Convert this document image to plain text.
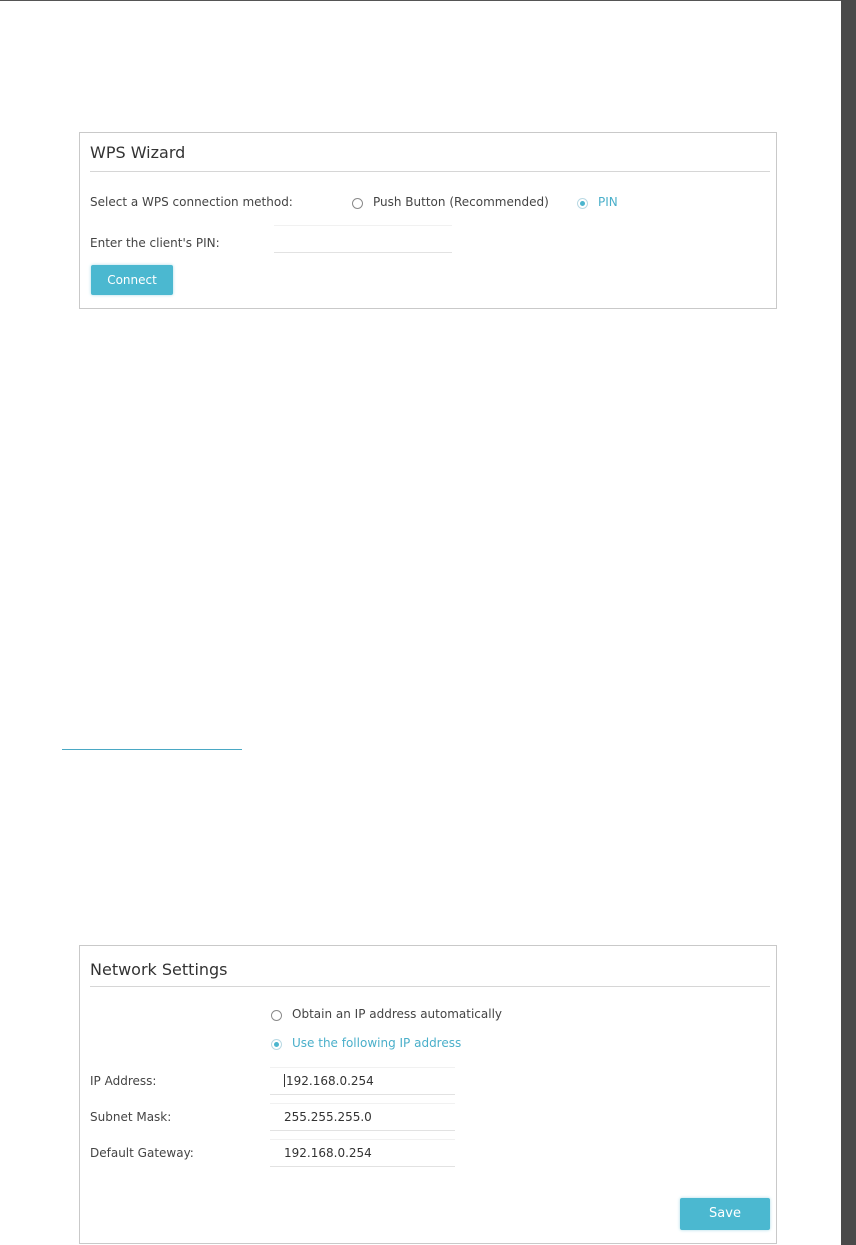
WPS Wizard
Select a WPS connection method:	Push Button (Recommended)	PIN
Enter the client's PIN:
Connect
Network Settings
Obtain an IP address automatically
Use the following IP address
IP Address:	192.168.0.254
Subnet Mask:	255.255.255.0
Default Gateway:	192.168.0.254
Save
